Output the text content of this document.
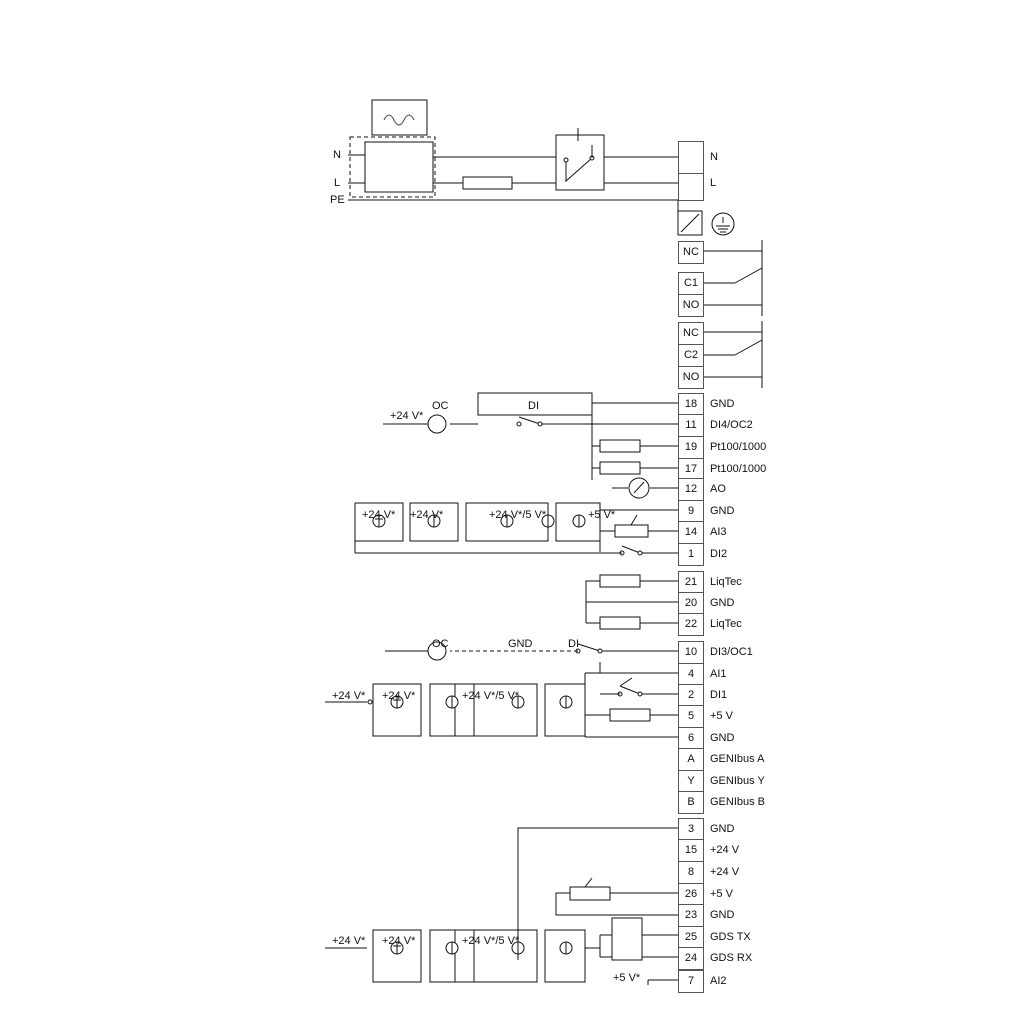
N
L
PE
N
L
NC
C1
NO
NC
C2
NO
18	GND
11	DI4/OC2
19	Pt100/1000
17	Pt100/1000
12	AO
9	GND
14	AI3
1	DI2
21	LiqTec
20	GND
22	LiqTec
10	DI3/OC1
4	AI1
2	DI1
5	+5 V
6	GND
A	GENIbus A
Y	GENIbus Y
B	GENIbus B
3	GND
15	+24 V
8	+24 V
26	+5 V
23	GND
25	GDS TX
24	GDS RX
7	AI2
OC	DI
+24 V*
+24 V* +24 V*	+24 V*/5 V*	+5 V*
OC	GND	DI
+24 V* +24 V*	+24 V*/5 V*
+24 V* +24 V*	+24 V*/5 V*
+5 V*
